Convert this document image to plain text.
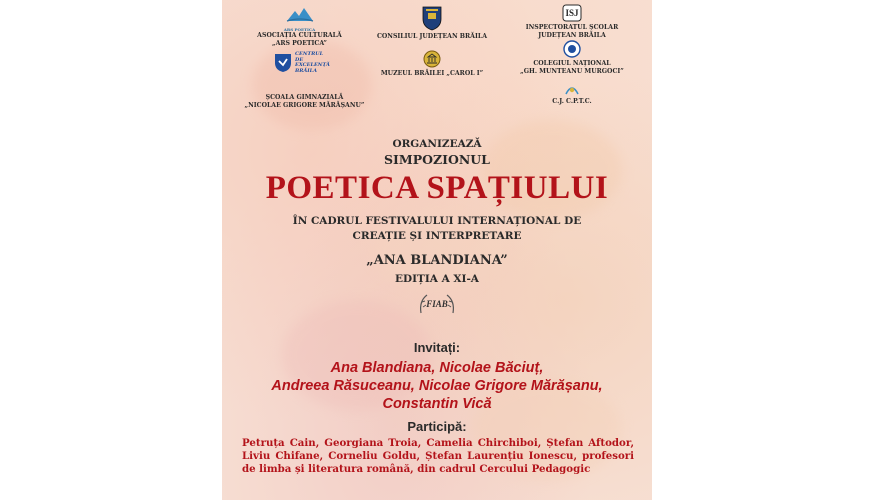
ARS POETICA
ASOCIAȚIA CULTURALĂ
„ARS POETICA”
CONSILIUL JUDEȚEAN BRĂILA
ISJ
INSPECTORATUL ȘCOLAR
JUDEȚEAN BRĂILA
CENTRUL
DE
EXCELENȚĂ
BRĂILA	MUZEUL BRĂILEI „CAROL I”
COLEGIUL NAȚIONAL
„GH. MUNTEANU MURGOCI”
ȘCOALA GIMNAZIALĂ
„NICOLAE GRIGORE MĂRĂȘANU”
C.J. C.P.T.C.
ORGANIZEAZĂ
SIMPOZIONUL
POETICA SPAȚIULUI
ÎN CADRUL FESTIVALULUI INTERNAȚIONAL DE
CREAȚIE ȘI INTERPRETARE
„ANA BLANDIANA”
EDIȚIA A XI-A
FIAB
Invitați:
Ana Blandiana, Nicolae Băciuț,
Andreea Răsuceanu, Nicolae Grigore Mărășanu,
Constantin Vică
Participă:
Petruța Cain, Georgiana Troia, Camelia Chirchiboi, Ștefan Aftodor, Liviu Chifane, Corneliu Goldu, Ștefan Laurențiu Ionescu, profesori de limba și literatura română, din cadrul Cercului Pedagogic
